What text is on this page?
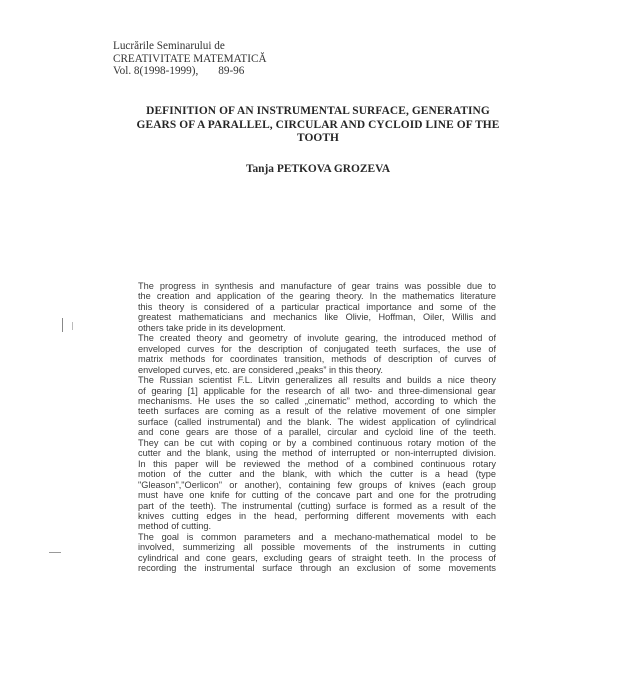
Lucrările Seminarului de
CREATIVITATE MATEMATICĂ
Vol. 8(1998-1999), 89-96
DEFINITION OF AN INSTRUMENTAL SURFACE, GENERATING
GEARS OF A PARALLEL, CIRCULAR AND CYCLOID LINE OF THE
TOOTH
Tanja PETKOVA GROZEVA
The progress in synthesis and manufacture of gear trains was possible due to
the creation and application of the gearing theory. In the mathematics literature
this theory is considered of a particular practical importance and some of the
greatest mathematicians and mechanics like Olivie, Hoffman, Oiler, Willis and
others take pride in its development.
The created theory and geometry of involute gearing, the introduced method of
enveloped curves for the description of conjugated teeth surfaces, the use of
matrix methods for coordinates transition, methods of description of curves of
enveloped curves, etc. are considered „peaks” in this theory.
The Russian scientist F.L. Litvin generalizes all results and builds a nice theory
of gearing [1] applicable for the research of all two- and three-dimensional gear
mechanisms. He uses the so called „cinematic” method, according to which the
teeth surfaces are coming as a result of the relative movement of one simpler
surface (called instrumental) and the blank. The widest application of cylindrical
and cone gears are those of a parallel, circular and cycloid line of the teeth.
They can be cut with coping or by a combined continuous rotary motion of the
cutter and the blank, using the method of interrupted or non-interrupted division.
In this paper will be reviewed the method of a combined continuous rotary
motion of the cutter and the blank, with which the cutter is a head (type
"Gleason","Oerlicon" or another), containing few groups of knives (each group
must have one knife for cutting of the concave part and one for the protruding
part of the teeth). The instrumental (cutting) surface is formed as a result of the
knives cutting edges in the head, performing different movements with each
method of cutting.
The goal is common parameters and a mechano-mathematical model to be
involved, summerizing all possible movements of the instruments in cutting
cylindrical and cone gears, excluding gears of straight teeth. In the process of
recording the instrumental surface through an exclusion of some movements
